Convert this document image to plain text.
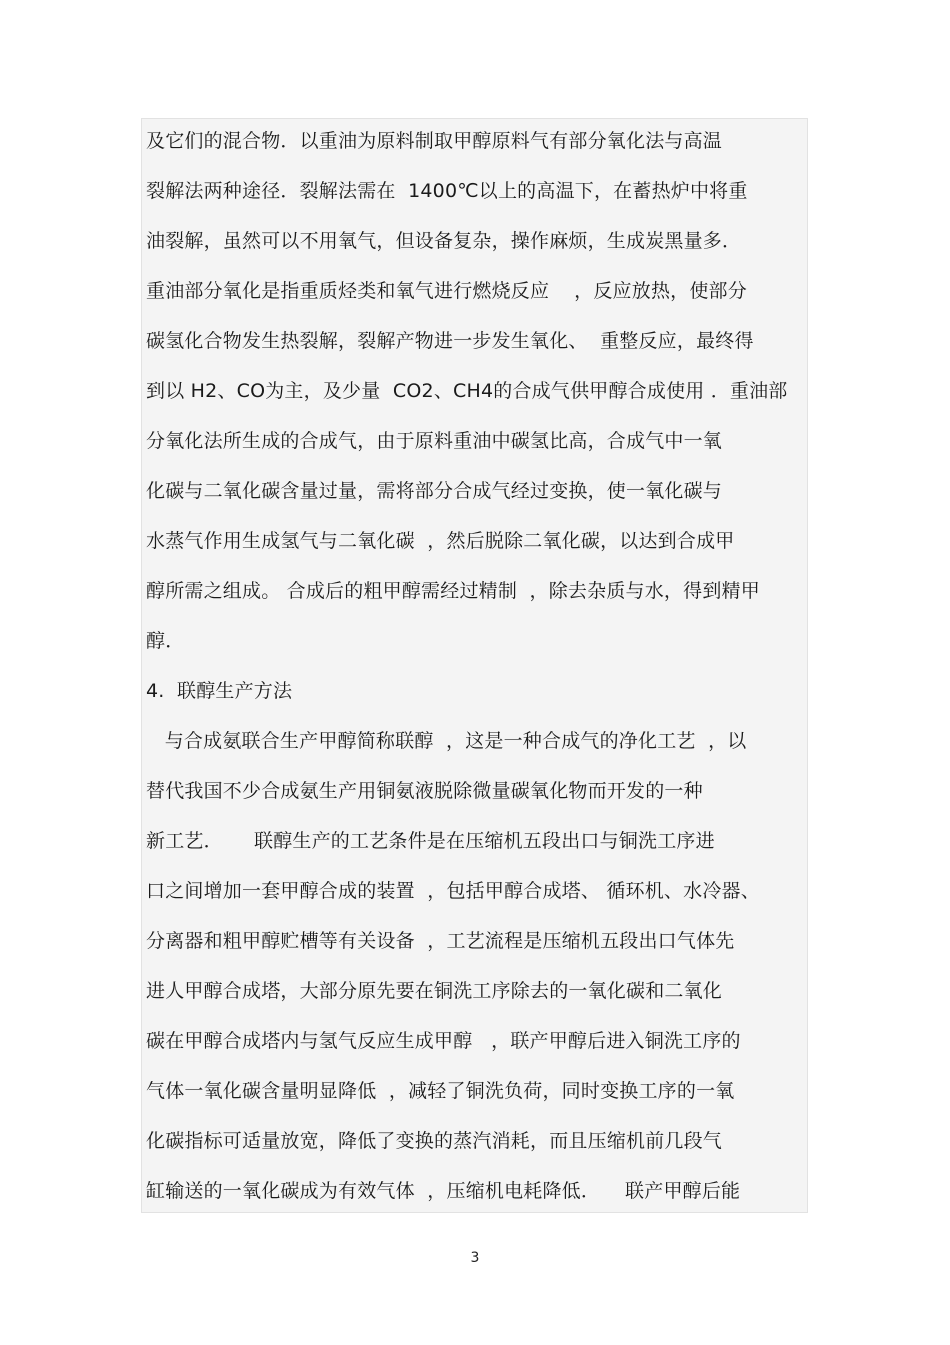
及它们的混合物．以重油为原料制取甲醇原料气有部分氧化法与高温
裂解法两种途径．裂解法需在  1400℃以上的高温下，在蓄热炉中将重
油裂解，虽然可以不用氧气，但设备复杂，操作麻烦，生成炭黑量多．
重油部分氧化是指重质烃类和氧气进行燃烧反应    ，反应放热，使部分
碳氢化合物发生热裂解，裂解产物进一步发生氧化、  重整反应，最终得
到以 H2、CO为主，及少量  CO2、CH4的合成气供甲醇合成使用 ．重油部
分氧化法所生成的合成气，由于原料重油中碳氢比高，合成气中一氧
化碳与二氧化碳含量过量，需将部分合成气经过变换，使一氧化碳与
水蒸气作用生成氢气与二氧化碳  ，然后脱除二氧化碳，以达到合成甲
醇所需之组成。 合成后的粗甲醇需经过精制  ，除去杂质与水，得到精甲
醇．
4.  联醇生产方法
与合成氨联合生产甲醇简称联醇  ，这是一种合成气的净化工艺  ，以
替代我国不少合成氨生产用铜氨液脱除微量碳氧化物而开发的一种
新工艺．     联醇生产的工艺条件是在压缩机五段出口与铜洗工序进
口之间增加一套甲醇合成的装置  ，包括甲醇合成塔、 循环机、水冷器、
分离器和粗甲醇贮槽等有关设备  ，工艺流程是压缩机五段出口气体先
进人甲醇合成塔，大部分原先要在铜洗工序除去的一氧化碳和二氧化
碳在甲醇合成塔内与氢气反应生成甲醇   ，联产甲醇后进入铜洗工序的
气体一氧化碳含量明显降低  ，减轻了铜洗负荷，同时变换工序的一氧
化碳指标可适量放宽，降低了变换的蒸汽消耗，而且压缩机前几段气
缸输送的一氧化碳成为有效气体  ，压缩机电耗降低．    联产甲醇后能
3
